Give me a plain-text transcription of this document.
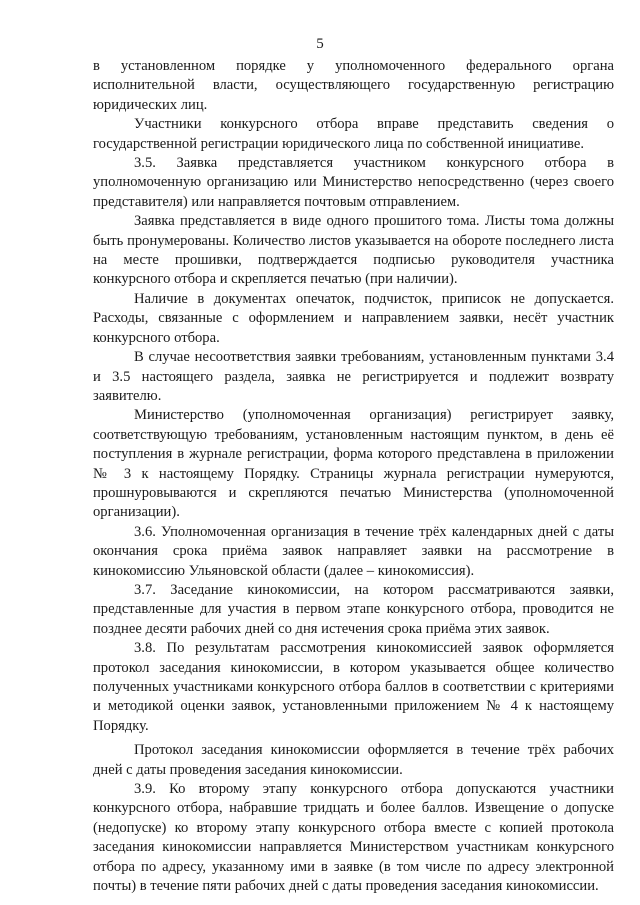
5

в установленном порядке у уполномоченного федерального органа исполнительной власти, осуществляющего государственную регистрацию юридических лиц.

Участники конкурсного отбора вправе представить сведения о государственной регистрации юридического лица по собственной инициативе.

3.5. Заявка представляется участником конкурсного отбора в уполномоченную организацию или Министерство непосредственно (через своего представителя) или направляется почтовым отправлением.

Заявка представляется в виде одного прошитого тома. Листы тома должны быть пронумерованы. Количество листов указывается на обороте последнего листа на месте прошивки, подтверждается подписью руководителя участника конкурсного отбора и скрепляется печатью (при наличии).

Наличие в документах опечаток, подчисток, приписок не допускается. Расходы, связанные с оформлением и направлением заявки, несёт участник конкурсного отбора.

В случае несоответствия заявки требованиям, установленным пунктами 3.4 и 3.5 настоящего раздела, заявка не регистрируется и подлежит возврату заявителю.

Министерство (уполномоченная организация) регистрирует заявку, соответствующую требованиям, установленным настоящим пунктом, в день её поступления в журнале регистрации, форма которого представлена в приложении № 3 к настоящему Порядку. Страницы журнала регистрации нумеруются, прошнуровываются и скрепляются печатью Министерства (уполномоченной организации).

3.6. Уполномоченная организация в течение трёх календарных дней с даты окончания срока приёма заявок направляет заявки на рассмотрение в кинокомиссию Ульяновской области (далее – кинокомиссия).

3.7. Заседание кинокомиссии, на котором рассматриваются заявки, представленные для участия в первом этапе конкурсного отбора, проводится не позднее десяти рабочих дней со дня истечения срока приёма этих заявок.

3.8. По результатам рассмотрения кинокомиссией заявок оформляется протокол заседания кинокомиссии, в котором указывается общее количество полученных участниками конкурсного отбора баллов в соответствии с критериями и методикой оценки заявок, установленными приложением № 4 к настоящему Порядку.

Протокол заседания кинокомиссии оформляется в течение трёх рабочих дней с даты проведения заседания кинокомиссии.

3.9. Ко второму этапу конкурсного отбора допускаются участники конкурсного отбора, набравшие тридцать и более баллов. Извещение о допуске (недопуске) ко второму этапу конкурсного отбора вместе с копией протокола заседания кинокомиссии направляется Министерством участникам конкурсного отбора по адресу, указанному ими в заявке (в том числе по адресу электронной почты) в течение пяти рабочих дней с даты проведения заседания кинокомиссии.
